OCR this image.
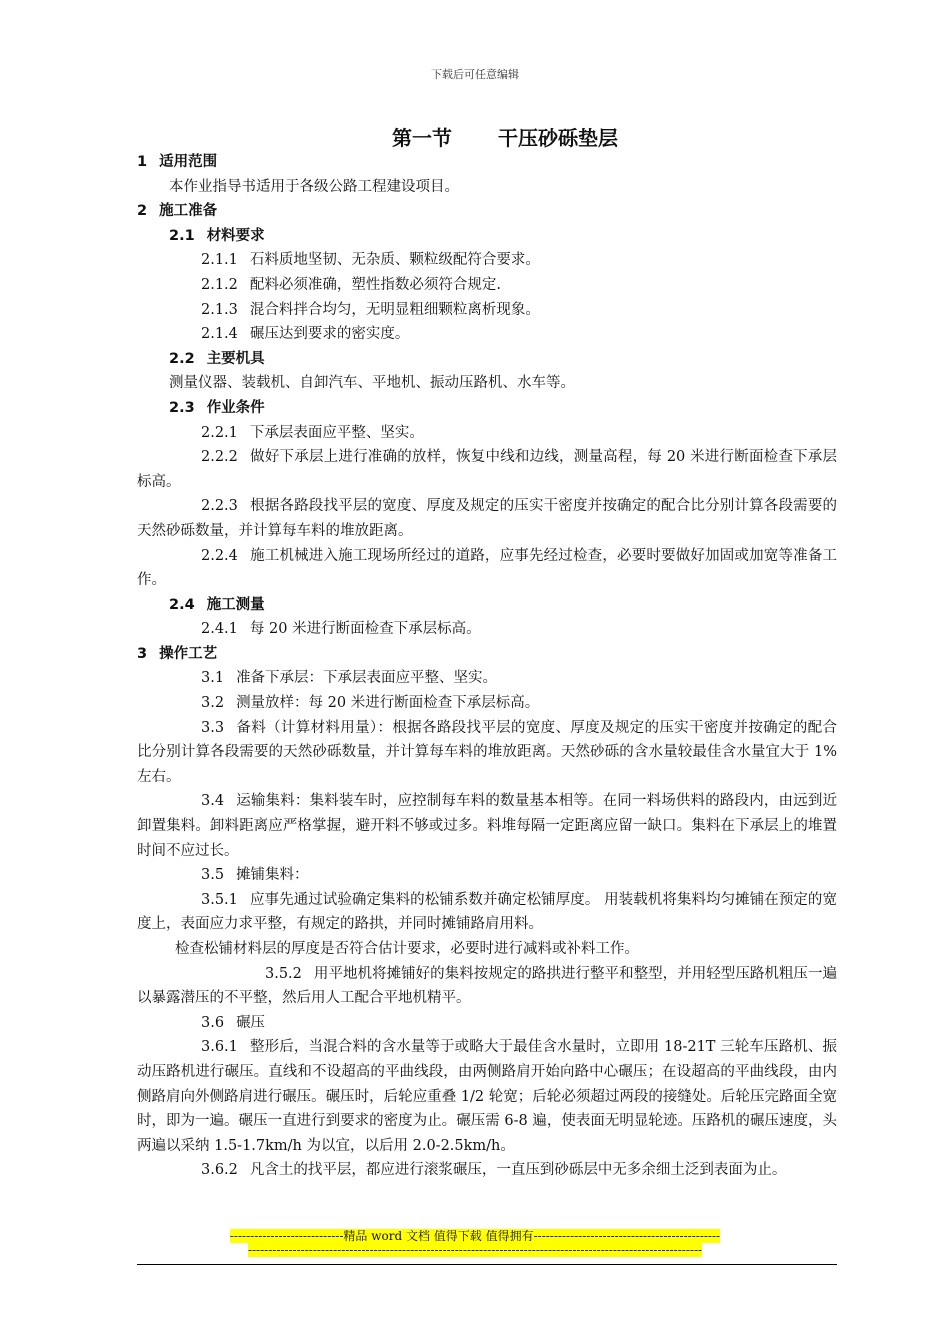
下载后可任意编辑
第一节 干压砂砾垫层

1 适用范围

本作业指导书适用于各级公路工程建设项目。

2 施工准备

2.1 材料要求

2.1.1 石料质地坚韧、无杂质、颗粒级配符合要求。

2.1.2 配料必须准确，塑性指数必须符合规定.

2.1.3 混合料拌合均匀，无明显粗细颗粒离析现象。

2.1.4 碾压达到要求的密实度。

2.2 主要机具

测量仪器、装载机、自卸汽车、平地机、振动压路机、水车等。

2.3 作业条件

2.2.1 下承层表面应平整、坚实。

2.2.2 做好下承层上进行准确的放样，恢复中线和边线，测量高程，每 20 米进行断面检查下承层标高。

2.2.3 根据各路段找平层的宽度、厚度及规定的压实干密度并按确定的配合比分别计算各段需要的天然砂砾数量，并计算每车料的堆放距离。

2.2.4 施工机械进入施工现场所经过的道路，应事先经过检查，必要时要做好加固或加宽等准备工作。

2.4 施工测量

2.4.1 每 20 米进行断面检查下承层标高。

3 操作工艺

3.1 准备下承层：下承层表面应平整、坚实。

3.2 测量放样：每 20 米进行断面检查下承层标高。

3.3 备料（计算材料用量）：根据各路段找平层的宽度、厚度及规定的压实干密度并按确定的配合比分别计算各段需要的天然砂砾数量，并计算每车料的堆放距离。天然砂砾的含水量较最佳含水量宜大于 1%左右。

3.4 运输集料：集料装车时，应控制每车料的数量基本相等。在同一料场供料的路段内，由远到近卸置集料。卸料距离应严格掌握，避开料不够或过多。料堆每隔一定距离应留一缺口。集料在下承层上的堆置时间不应过长。

3.5 摊铺集料：

3.5.1 应事先通过试验确定集料的松铺系数并确定松铺厚度。 用装载机将集料均匀摊铺在预定的宽度上，表面应力求平整，有规定的路拱，并同时摊铺路肩用料。

检查松铺材料层的厚度是否符合估计要求，必要时进行减料或补料工作。

3.5.2 用平地机将摊铺好的集料按规定的路拱进行整平和整型，并用轻型压路机粗压一遍以暴露潜压的不平整，然后用人工配合平地机精平。

3.6 碾压

3.6.1 整形后，当混合料的含水量等于或略大于最佳含水量时，立即用 18-21T 三轮车压路机、振动压路机进行碾压。直线和不设超高的平曲线段，由两侧路肩开始向路中心碾压；在设超高的平曲线段，由内侧路肩向外侧路肩进行碾压。碾压时，后轮应重叠 1/2 轮宽；后轮必须超过两段的接缝处。后轮压完路面全宽时，即为一遍。碾压一直进行到要求的密度为止。碾压需 6-8 遍，使表面无明显轮迹。压路机的碾压速度，头两遍以采纳 1.5-1.7km/h 为以宜，以后用 2.0-2.5km/h。

3.6.2 凡含土的找平层，都应进行滚浆碾压，一直压到砂砾层中无多余细土泛到表面为止。

----------------------------精品 word 文档 值得下载 值得拥有----------------------------------------------
----------------------------------------------------------------------------------------------------------------
